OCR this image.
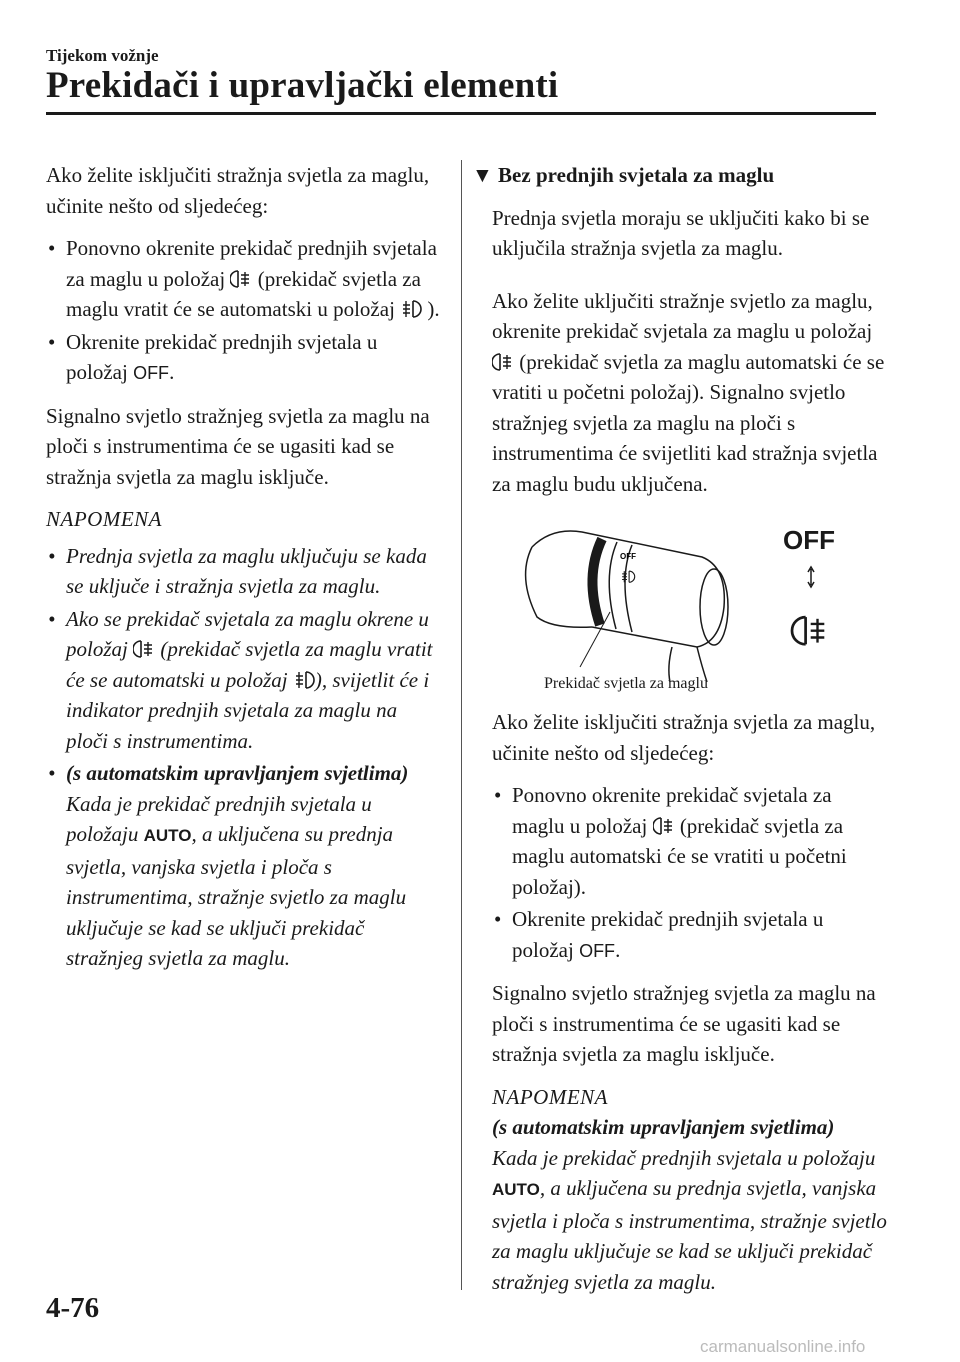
Tijekom vožnje
Prekidači i upravljački elementi

Ako želite isključiti stražnja svjetla za maglu, učinite nešto od sljedećeg:

• Ponovno okrenite prekidač prednjih svjetala za maglu u položaj  (prekidač svjetla za maglu vratit će se automatski u položaj  ).
• Okrenite prekidač prednjih svjetala u položaj OFF.

Signalno svjetlo stražnjeg svjetla za maglu na ploči s instrumentima će se ugasiti kad se stražnja svjetla za maglu isključe.

NAPOMENA

• Prednja svjetla za maglu uključuju se kada se uključe i stražnja svjetla za maglu.
• Ako se prekidač svjetala za maglu okrene u položaj  (prekidač svjetla za maglu vratit će se automatski u položaj ), svijetlit će i indikator prednjih svjetala za maglu na ploči s instrumentima.
• (s automatskim upravljanjem svjetlima)
Kada je prekidač prednjih svjetala u položaju AUTO, a uključena su prednja svjetla, vanjska svjetla i ploča s instrumentima, stražnje svjetlo za maglu uključuje se kad se uključi prekidač stražnjeg svjetla za maglu.

▼ Bez prednjih svjetala za maglu

Prednja svjetla moraju se uključiti kako bi se uključila stražnja svjetla za maglu.

Ako želite uključiti stražnje svjetlo za maglu, okrenite prekidač svjetala za maglu u položaj  (prekidač svjetla za maglu automatski će se vratiti u početni položaj). Signalno svjetlo stražnjeg svjetla za maglu na ploči s instrumentima će svijetliti kad stražnja svjetla za maglu budu uključena.

OFF
OFF
Prekidač svjetla za maglu

Ako želite isključiti stražnja svjetla za maglu, učinite nešto od sljedećeg:

• Ponovno okrenite prekidač svjetala za maglu u položaj  (prekidač svjetla za maglu automatski će se vratiti u početni položaj).
• Okrenite prekidač prednjih svjetala u položaj OFF.

Signalno svjetlo stražnjeg svjetla za maglu na ploči s instrumentima će se ugasiti kad se stražnja svjetla za maglu isključe.

NAPOMENA

(s automatskim upravljanjem svjetlima)
Kada je prekidač prednjih svjetala u položaju AUTO, a uključena su prednja svjetla, vanjska svjetla i ploča s instrumentima, stražnje svjetlo za maglu uključuje se kad se uključi prekidač stražnjeg svjetla za maglu.

4-76
carmanualsonline.info
